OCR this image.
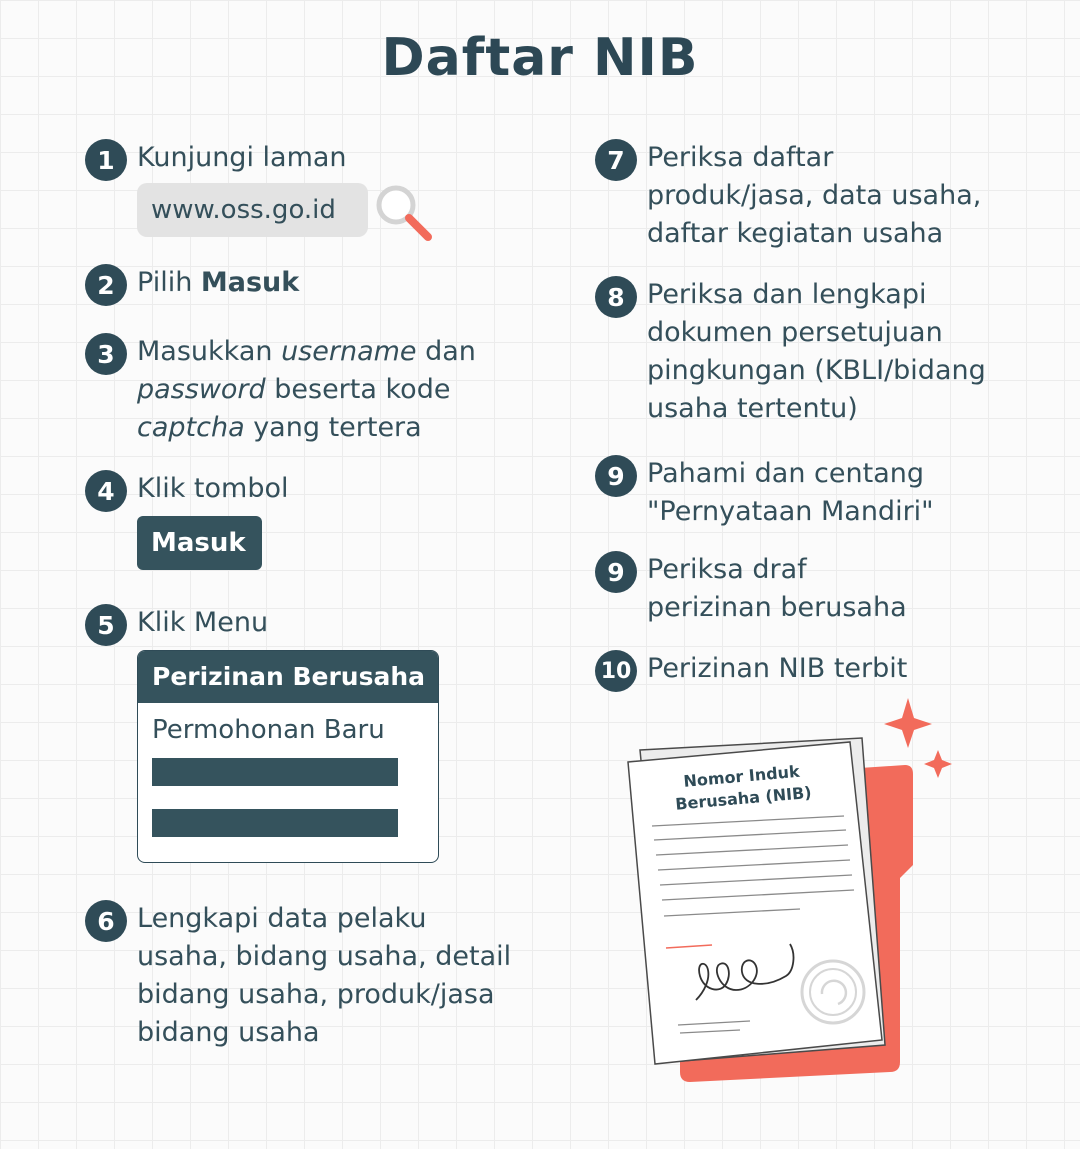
Daftar NIB
1 Kunjungi laman
www.oss.go.id
2 Pilih Masuk
3 Masukkan username dan
password beserta kode
captcha yang tertera
4 Klik tombol
Masuk
5 Klik Menu
Perizinan Berusaha
Permohonan Baru
6 Lengkapi data pelaku
usaha, bidang usaha, detail
bidang usaha, produk/jasa
bidang usaha
7 Periksa daftar
produk/jasa, data usaha,
daftar kegiatan usaha
8 Periksa dan lengkapi
dokumen persetujuan
pingkungan (KBLI/bidang
usaha tertentu)
9 Pahami dan centang
"Pernyataan Mandiri"
9 Periksa draf
perizinan berusaha
10 Perizinan NIB terbit
Nomor Induk
Berusaha (NIB)
